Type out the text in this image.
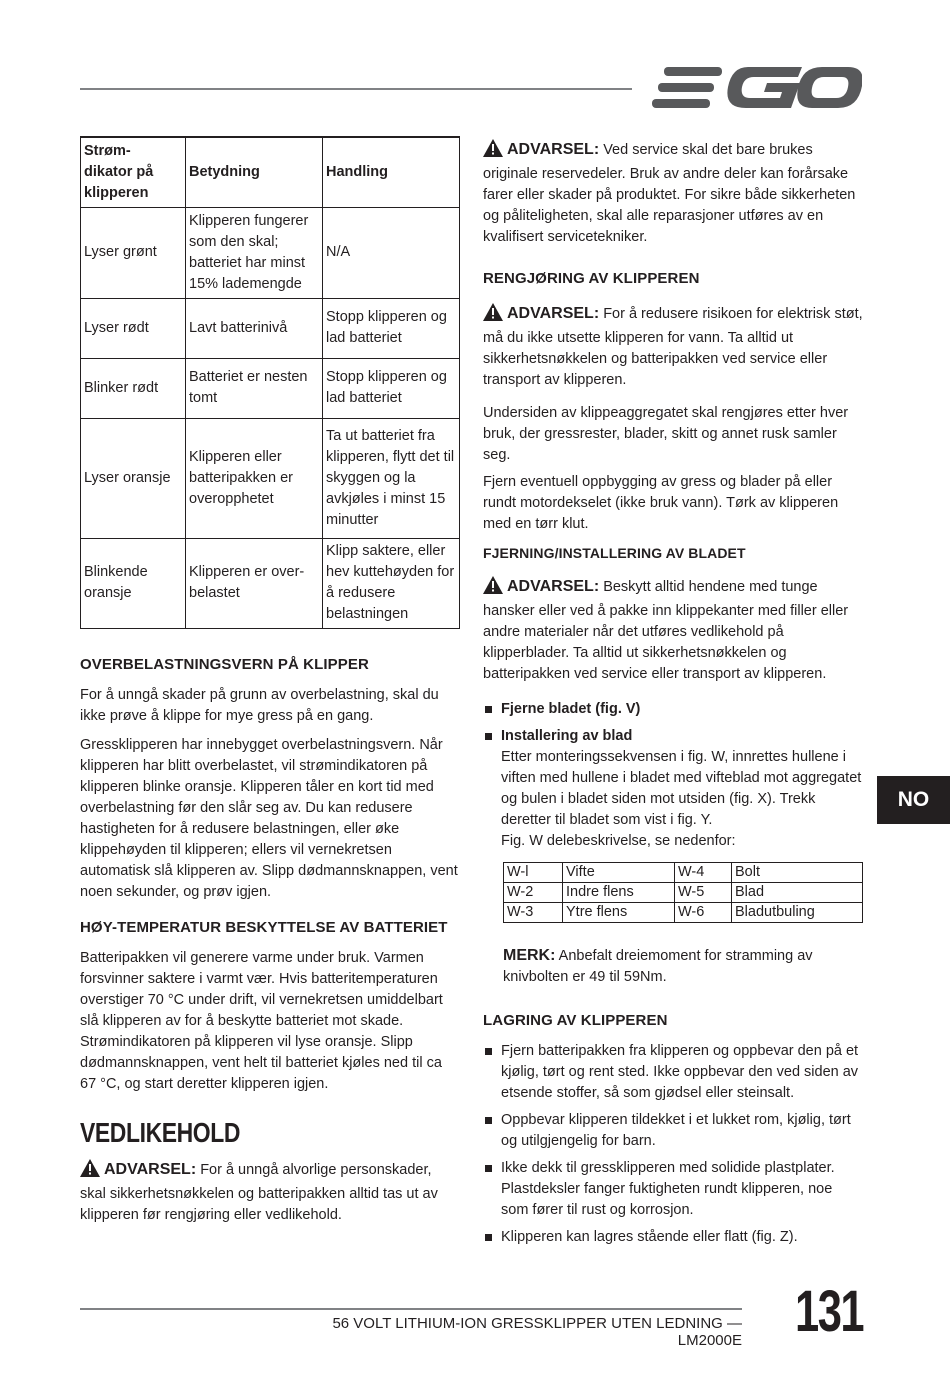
Strøm-
dikator på
klipperen	Betydning	Handling
Lyser grønt	Klipperen fungerer som den skal; batteriet har minst 15% lademengde	N/A
Lyser rødt	Lavt batterinivå	Stopp klipperen og lad batteriet
Blinker rødt	Batteriet er nesten tomt	Stopp klipperen og lad batteriet
Lyser oransje	Klipperen eller batteripakken er overopphetet	Ta ut batteriet fra klipperen, flytt det til skyggen og la avkjøles i minst 15 minutter
Blinkende oransje	Klipperen er over-belastet	Klipp saktere, eller hev kuttehøyden for å redusere belastningen

OVERBELASTNINGSVERN PÅ KLIPPER

For å unngå skader på grunn av overbelastning, skal du ikke prøve å klippe for mye gress på en gang.

Gressklipperen har innebygget overbelastningsvern. Når klipperen har blitt overbelastet, vil strømindikatoren på klipperen blinke oransje. Klipperen tåler en kort tid med overbelastning før den slår seg av. Du kan redusere hastigheten for å redusere belastningen, eller øke klippehøyden til klipperen; ellers vil vernekretsen automatisk slå klipperen av. Slipp dødmannsknappen, vent noen sekunder, og prøv igjen.

HØY-TEMPERATUR BESKYTTELSE AV BATTERIET

Batteripakken vil generere varme under bruk. Varmen forsvinner saktere i varmt vær. Hvis batteritemperaturen overstiger 70 °C under drift, vil vernekretsen umiddelbart slå klipperen av for å beskytte batteriet mot skade. Strømindikatoren på klipperen vil lyse oransje. Slipp dødmannsknappen, vent helt til batteriet kjøles ned til ca 67 °C, og start deretter klipperen igjen.

VEDLIKEHOLD

ADVARSEL: For å unngå alvorlige personskader, skal sikkerhetsnøkkelen og batteripakken alltid tas ut av klipperen før rengjøring eller vedlikehold.

ADVARSEL: Ved service skal det bare brukes originale reservedeler. Bruk av andre deler kan forårsake farer eller skader på produktet. For sikre både sikkerheten og påliteligheten, skal alle reparasjoner utføres av en kvalifisert servicetekniker.

RENGJØRING AV KLIPPEREN

ADVARSEL: For å redusere risikoen for elektrisk støt, må du ikke utsette klipperen for vann. Ta alltid ut sikkerhetsnøkkelen og batteripakken ved service eller transport av klipperen.

Undersiden av klippeaggregatet skal rengjøres etter hver bruk, der gressrester, blader, skitt og annet rusk samler seg.

Fjern eventuell oppbygging av gress og blader på eller rundt motordekselet (ikke bruk vann). Tørk av klipperen med en tørr klut.

FJERNING/INSTALLERING AV BLADET

ADVARSEL: Beskytt alltid hendene med tunge hansker eller ved å pakke inn klippekanter med filler eller andre materialer når det utføres vedlikehold på klipperblader. Ta alltid ut sikkerhetsnøkkelen og batteripakken ved service eller transport av klipperen.

Fjerne bladet (fig. V)

Installering av blad

Etter monteringssekvensen i fig. W, innrettes hullene i viften med hullene i bladet med vifteblad mot aggregatet og bulen i bladet siden mot utsiden (fig. X). Trekk deretter til bladet som vist i fig. Y.

Fig. W delebeskrivelse, se nedenfor:

W-l	Vifte	W-4	Bolt
W-2	Indre flens	W-5	Blad
W-3	Ytre flens	W-6	Bladutbuling

MERK: Anbefalt dreiemoment for stramming av knivbolten er 49 til 59Nm.

LAGRING AV KLIPPEREN

Fjern batteripakken fra klipperen og oppbevar den på et kjølig, tørt og rent sted. Ikke oppbevar den ved siden av etsende stoffer, så som gjødsel eller steinsalt.

Oppbevar klipperen tildekket i et lukket rom, kjølig, tørt og utilgjengelig for barn.

Ikke dekk til gressklipperen med solidide plastplater. Plastdeksler fanger fuktigheten rundt klipperen, noe som fører til rust og korrosjon.

Klipperen kan lagres stående eller flatt (fig. Z).

NO
56 VOLT LITHIUM-ION GRESSKLIPPER UTEN LEDNING — LM2000E 131
